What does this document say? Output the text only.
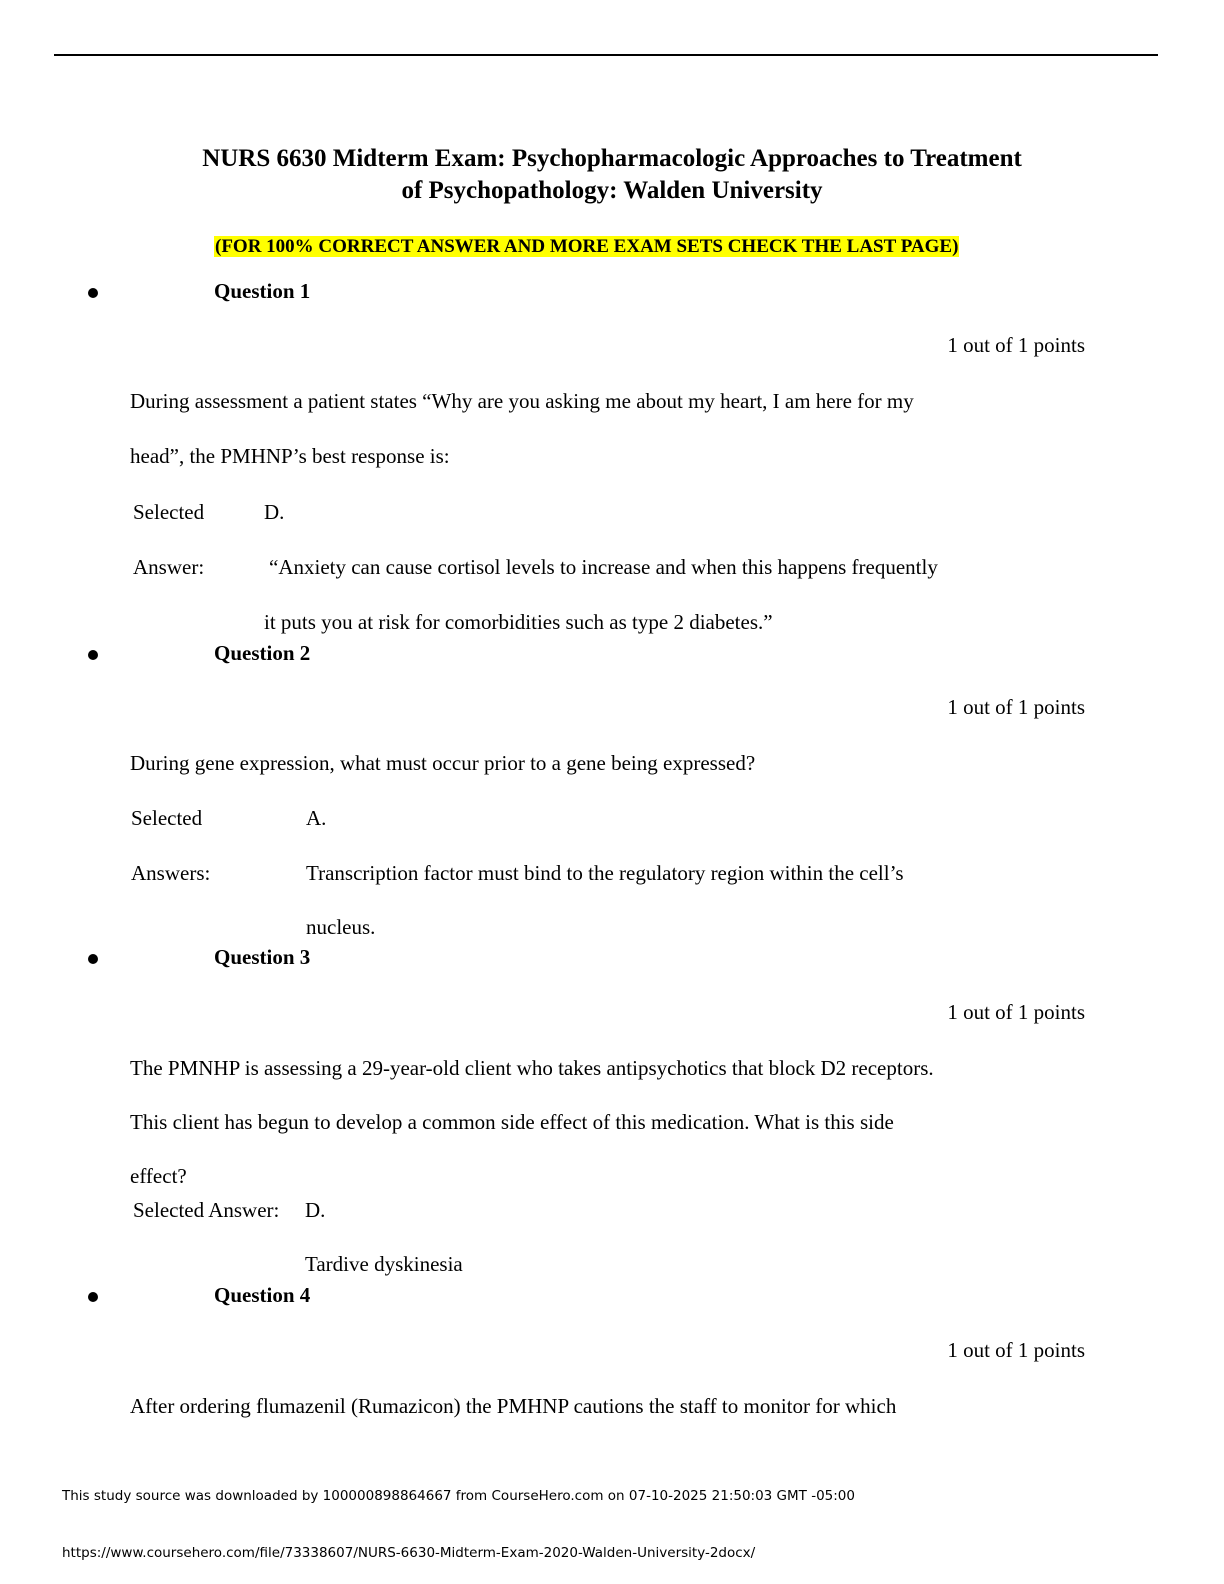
NURS 6630 Midterm Exam: Psychopharmacologic Approaches to Treatment
of Psychopathology: Walden University
(FOR 100% CORRECT ANSWER AND MORE EXAM SETS CHECK THE LAST PAGE)
Question 1
1 out of 1 points
During assessment a patient states “Why are you asking me about my heart, I am here for my
head”, the PMHNP’s best response is:
Selected	D.
Answer:	“Anxiety can cause cortisol levels to increase and when this happens frequently
it puts you at risk for comorbidities such as type 2 diabetes.”
Question 2
1 out of 1 points
During gene expression, what must occur prior to a gene being expressed?
Selected	A.
Answers:	Transcription factor must bind to the regulatory region within the cell’s
nucleus.
Question 3
1 out of 1 points
The PMNHP is assessing a 29-year-old client who takes antipsychotics that block D2 receptors.
This client has begun to develop a common side effect of this medication. What is this side
effect?
Selected Answer: D.
Tardive dyskinesia
Question 4
1 out of 1 points
After ordering flumazenil (Rumazicon) the PMHNP cautions the staff to monitor for which
This study source was downloaded by 100000898864667 from CourseHero.com on 07-10-2025 21:50:03 GMT -05:00
https://www.coursehero.com/file/73338607/NURS-6630-Midterm-Exam-2020-Walden-University-2docx/
